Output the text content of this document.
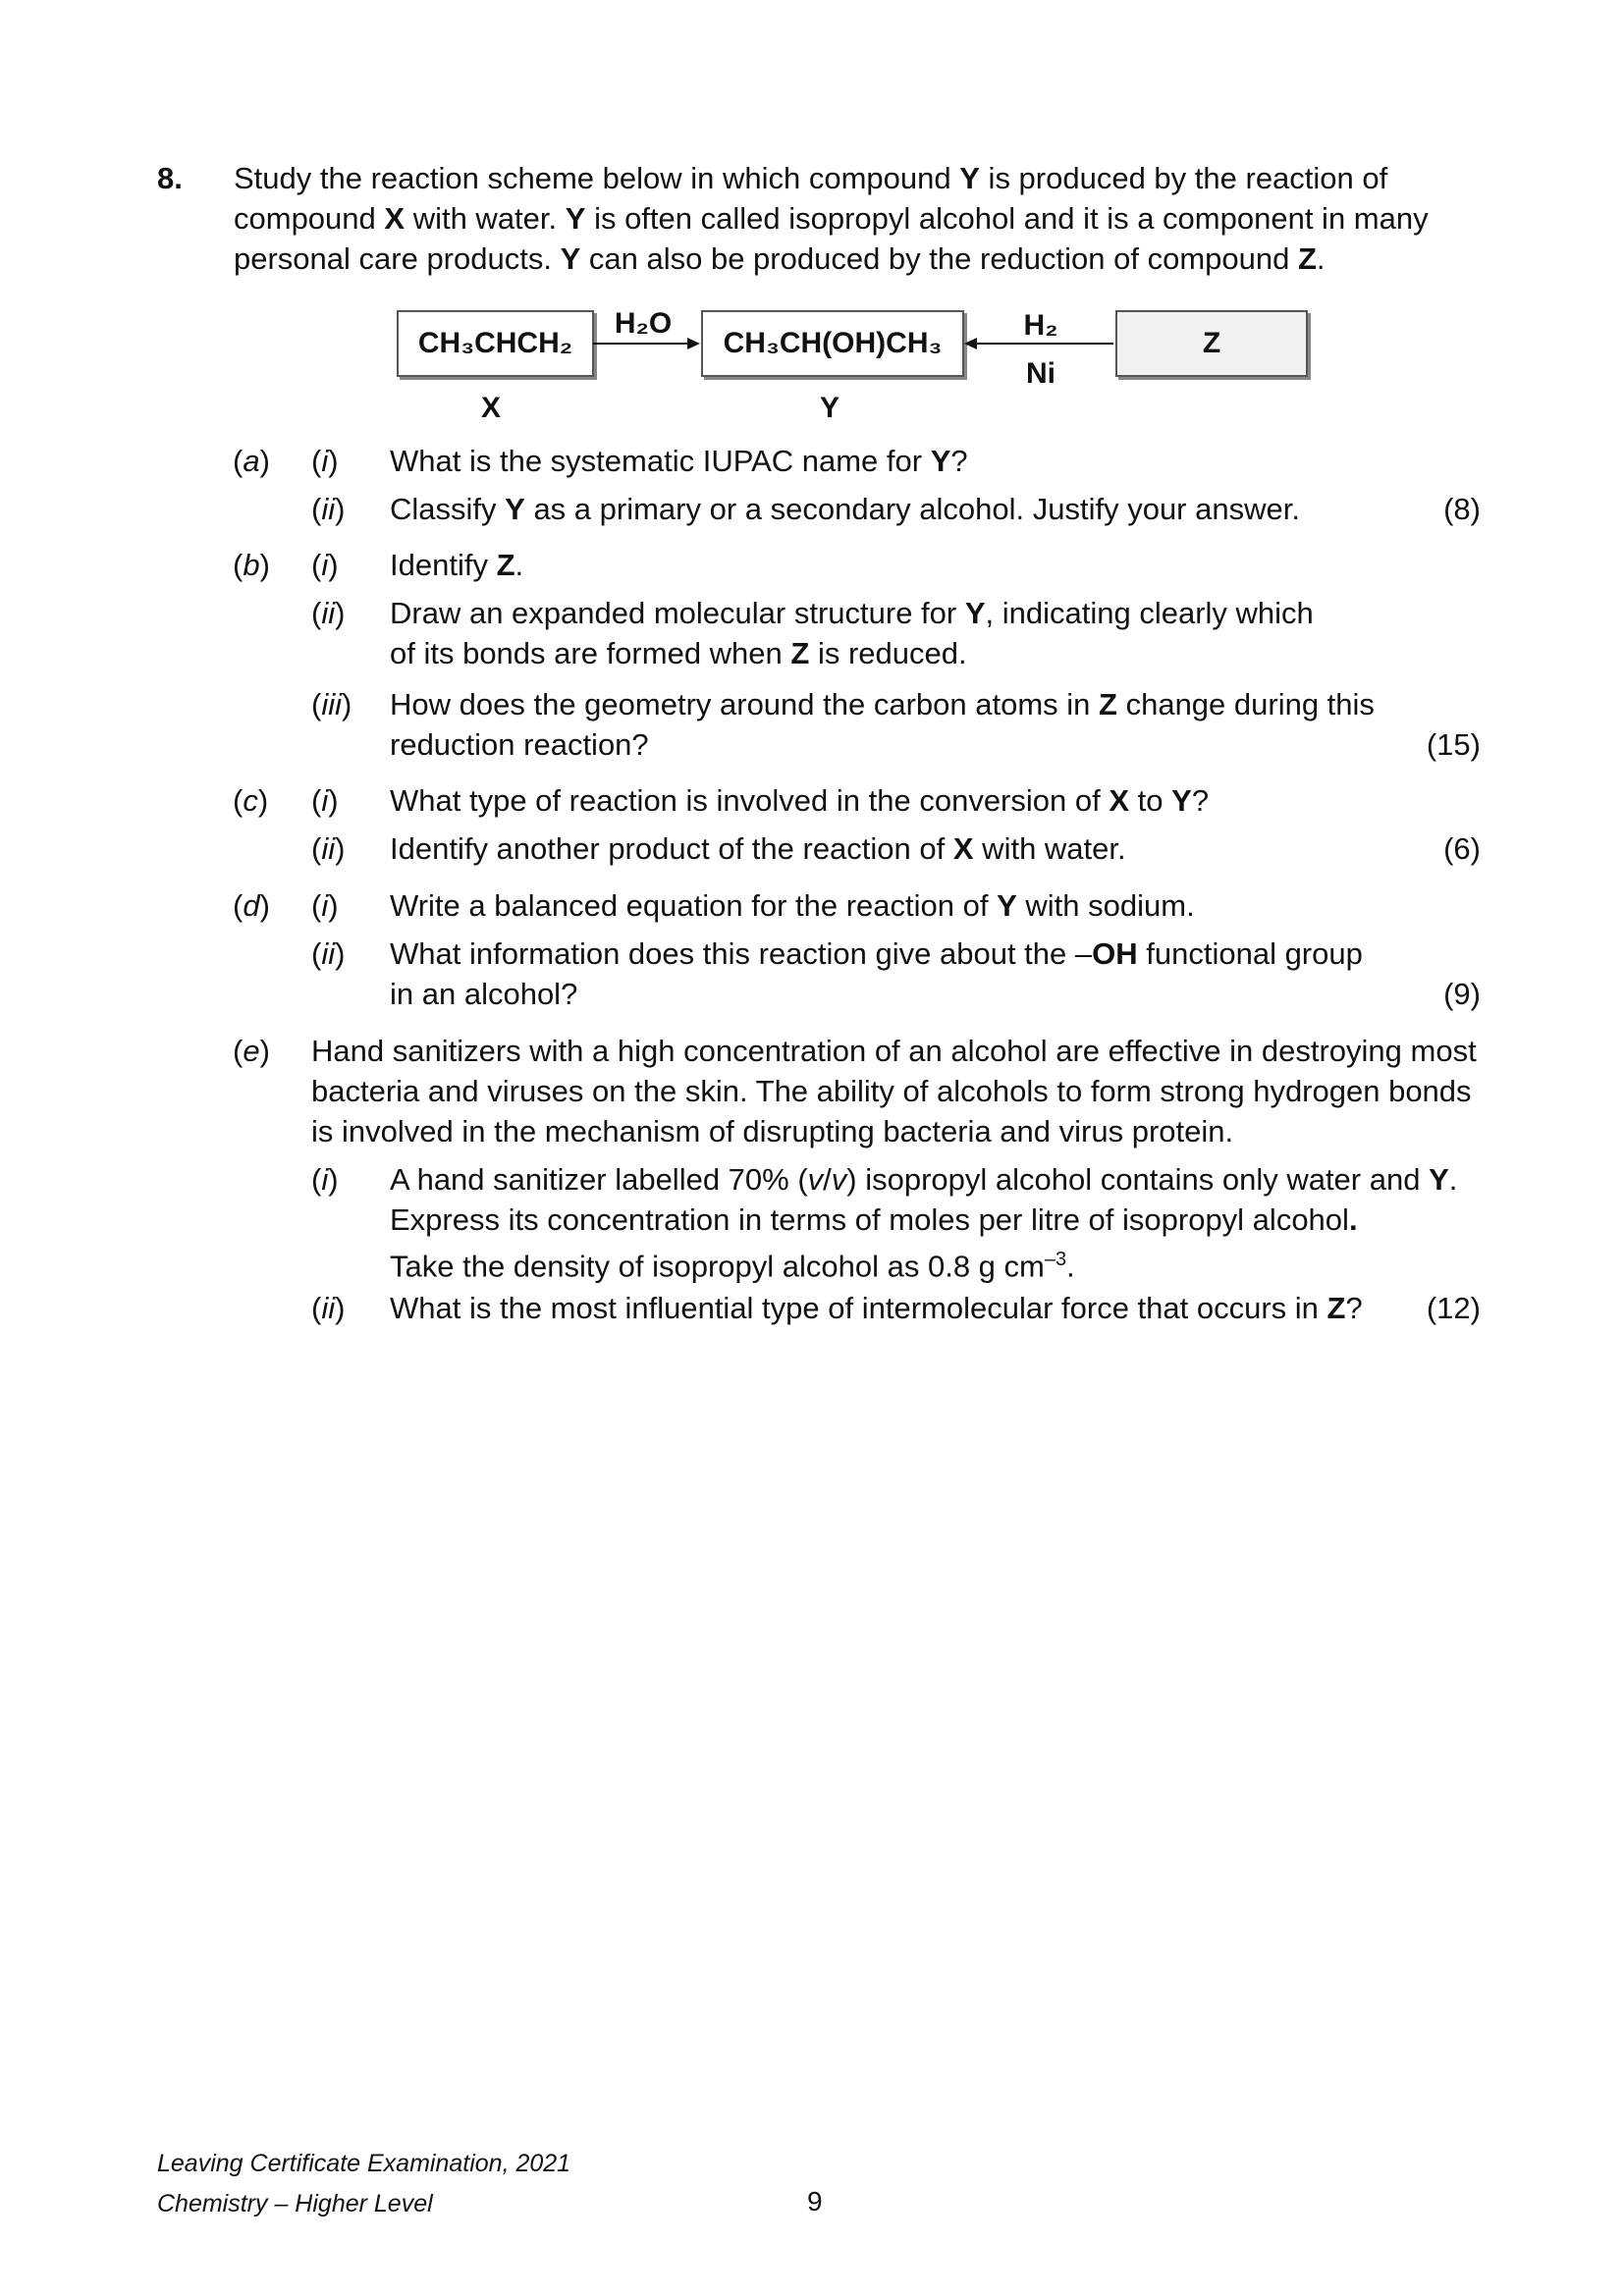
8. Study the reaction scheme below in which compound Y is produced by the reaction of
compound X with water. Y is often called isopropyl alcohol and it is a component in many
personal care products. Y can also be produced by the reduction of compound Z.
CH₃CHCH₂	CH₃CH(OH)CH₃	Z
H₂O	H₂
Ni
X	Y
(a) (i) What is the systematic IUPAC name for Y?
(ii) Classify Y as a primary or a secondary alcohol. Justify your answer.	(8)
(b) (i) Identify Z.
(ii) Draw an expanded molecular structure for Y, indicating clearly which
of its bonds are formed when Z is reduced.
(iii) How does the geometry around the carbon atoms in Z change during this
reduction reaction?	(15)
(c) (i) What type of reaction is involved in the conversion of X to Y?
(ii) Identify another product of the reaction of X with water.	(6)
(d) (i) Write a balanced equation for the reaction of Y with sodium.
(ii) What information does this reaction give about the –OH functional group
in an alcohol?	(9)
(e) Hand sanitizers with a high concentration of an alcohol are effective in destroying most
bacteria and viruses on the skin. The ability of alcohols to form strong hydrogen bonds
is involved in the mechanism of disrupting bacteria and virus protein.
(i) A hand sanitizer labelled 70% (v/v) isopropyl alcohol contains only water and Y.
Express its concentration in terms of moles per litre of isopropyl alcohol.
Take the density of isopropyl alcohol as 0.8 g $cm^{-3}$.
(ii) What is the most influential type of intermolecular force that occurs in Z?	(12)
Leaving Certificate Examination, 2021
Chemistry – Higher Level	9
